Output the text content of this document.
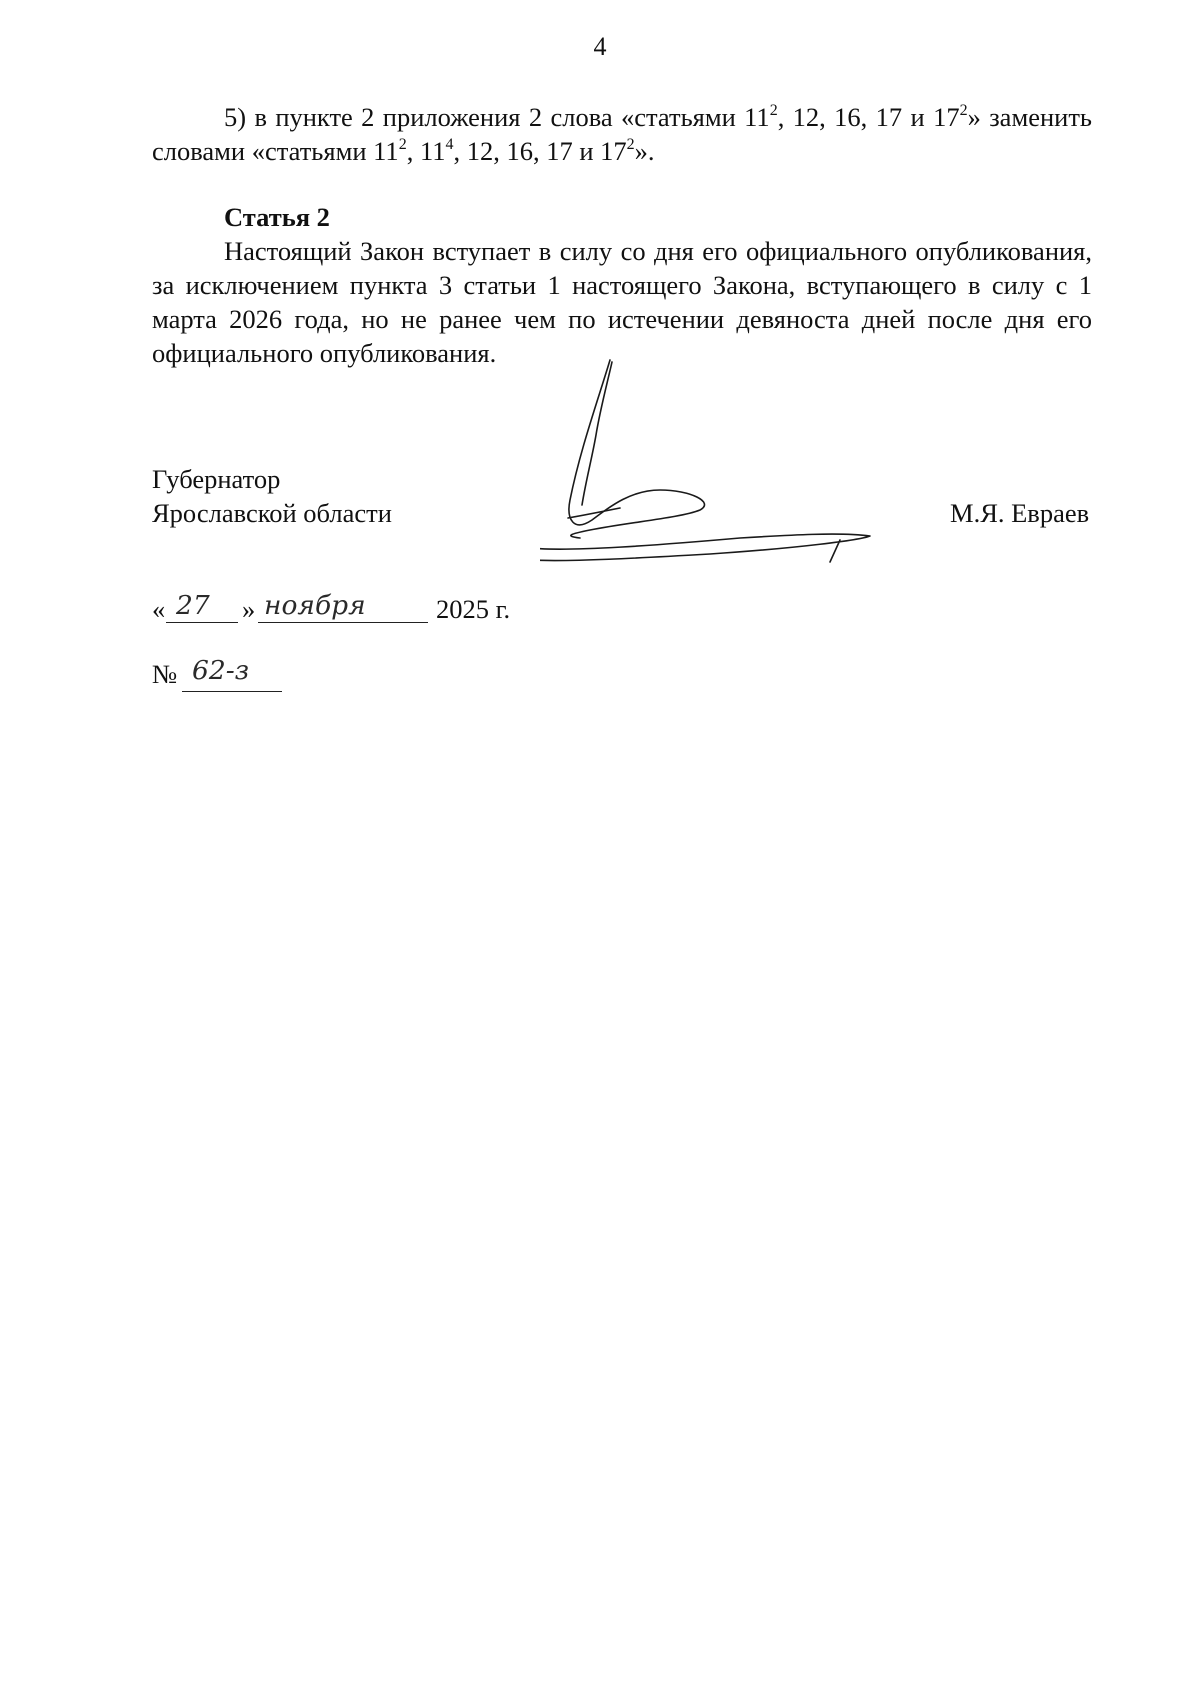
4

5) в пункте 2 приложения 2 слова «статьями $11^2$, 12, 16, 17 и $17^2$» заменить словами «статьями $11^2$, $11^4$, 12, 16, 17 и $17^2$».

Статья 2

Настоящий Закон вступает в силу со дня его официального опубликования, за исключением пункта 3 статьи 1 настоящего Закона, вступающего в силу с 1 марта 2026 года, но не ранее чем по истечении девяноста дней после дня его официального опубликования.

Губернатор
Ярославской области	М.Я. Евраев
« 27 » ноября	2025 г.
№ 62-з
